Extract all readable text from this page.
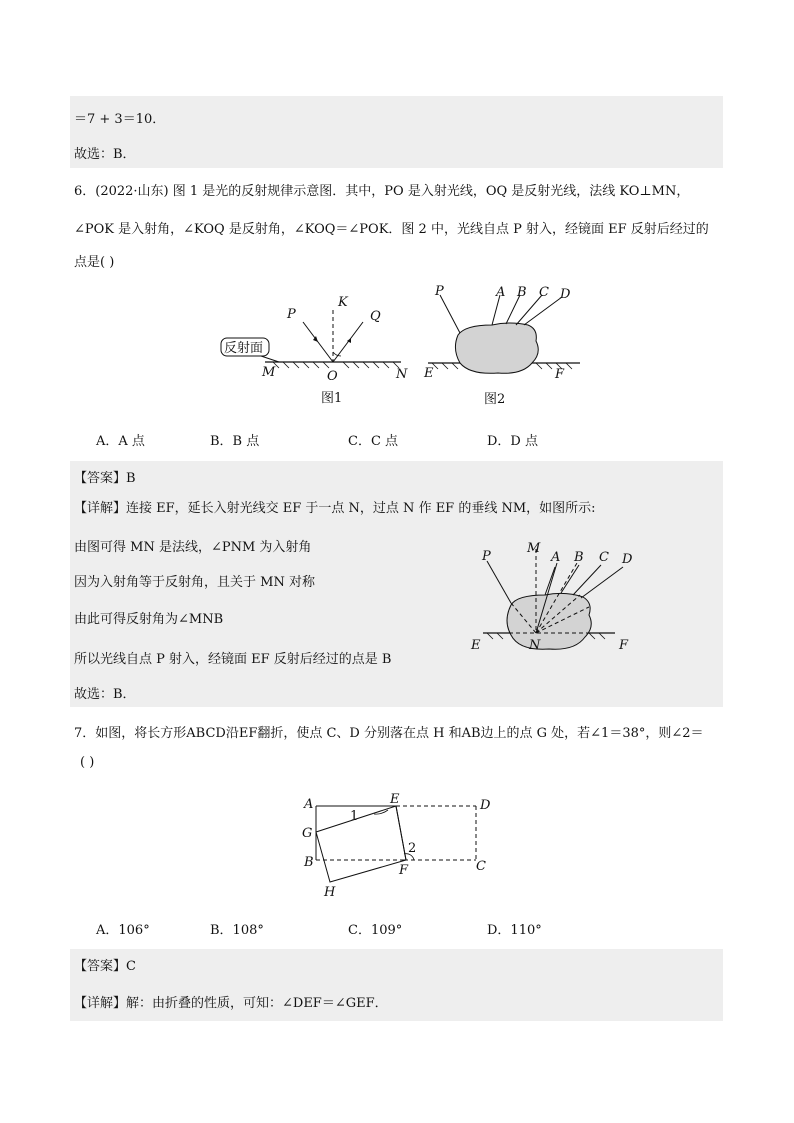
＝7 + 3＝10．
故选：B．
6．(2022·山东) 图 1 是光的反射规律示意图．其中，PO 是入射光线，OQ 是反射光线，法线 KO⊥MN，
∠POK 是入射角，∠KOQ 是反射角，∠KOQ＝∠POK．图 2 中，光线自点 P 射入，经镜面 EF 反射后经过的
点是( )
反射面
P
K
Q
M	O	N
图1
P	A B C D
E	F
图2
A．A 点	B．B 点	C．C 点	D．D 点
【答案】B
【详解】连接 EF，延长入射光线交 EF 于一点 N，过点 N 作 EF 的垂线 NM，如图所示:
由图可得 MN 是法线，∠PNM 为入射角
因为入射角等于反射角，且关于 MN 对称
由此可得反射角为∠MNB
所以光线自点 P 射入，经镜面 EF 反射后经过的点是 B
P
M
A B C D
E	N	F
故选：B．
7．如图，将长方形ABCD沿EF翻折，使点 C、D 分别落在点 H 和AB边上的点 G 处，若∠1＝38°，则∠2＝
( )
A	E	D
G
1
2
B
F	C
H
A．106°	B．108°	C．109°	D．110°
【答案】C
【详解】解：由折叠的性质，可知：∠DEF＝∠GEF．
